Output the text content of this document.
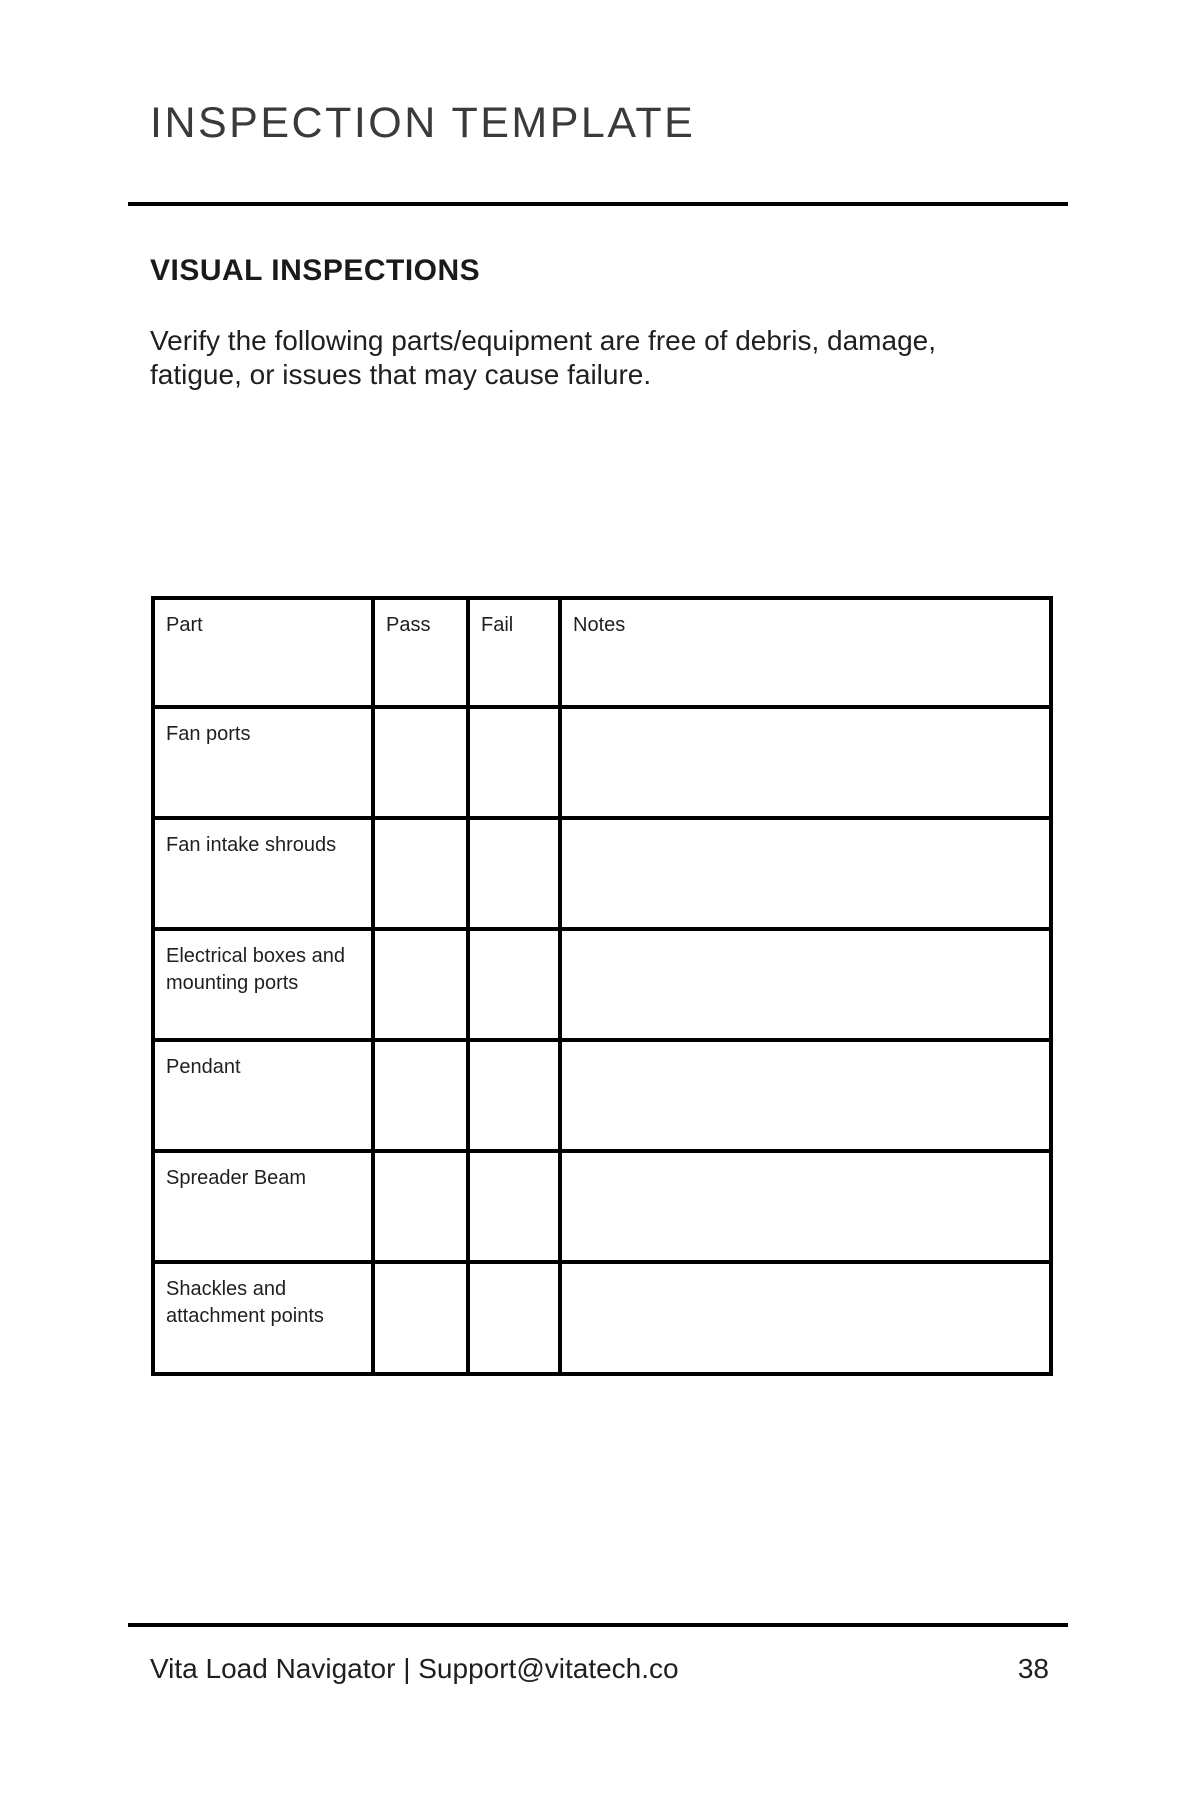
INSPECTION TEMPLATE
VISUAL INSPECTIONS
Verify the following parts/equipment are free of debris, damage,
fatigue, or issues that may cause failure.
Part	Pass	Fail	Notes
Fan ports			
Fan intake shrouds			
Electrical boxes and mounting ports			
Pendant			
Spreader Beam			
Shackles and attachment points			
Vita Load Navigator | Support@vitatech.co	38
